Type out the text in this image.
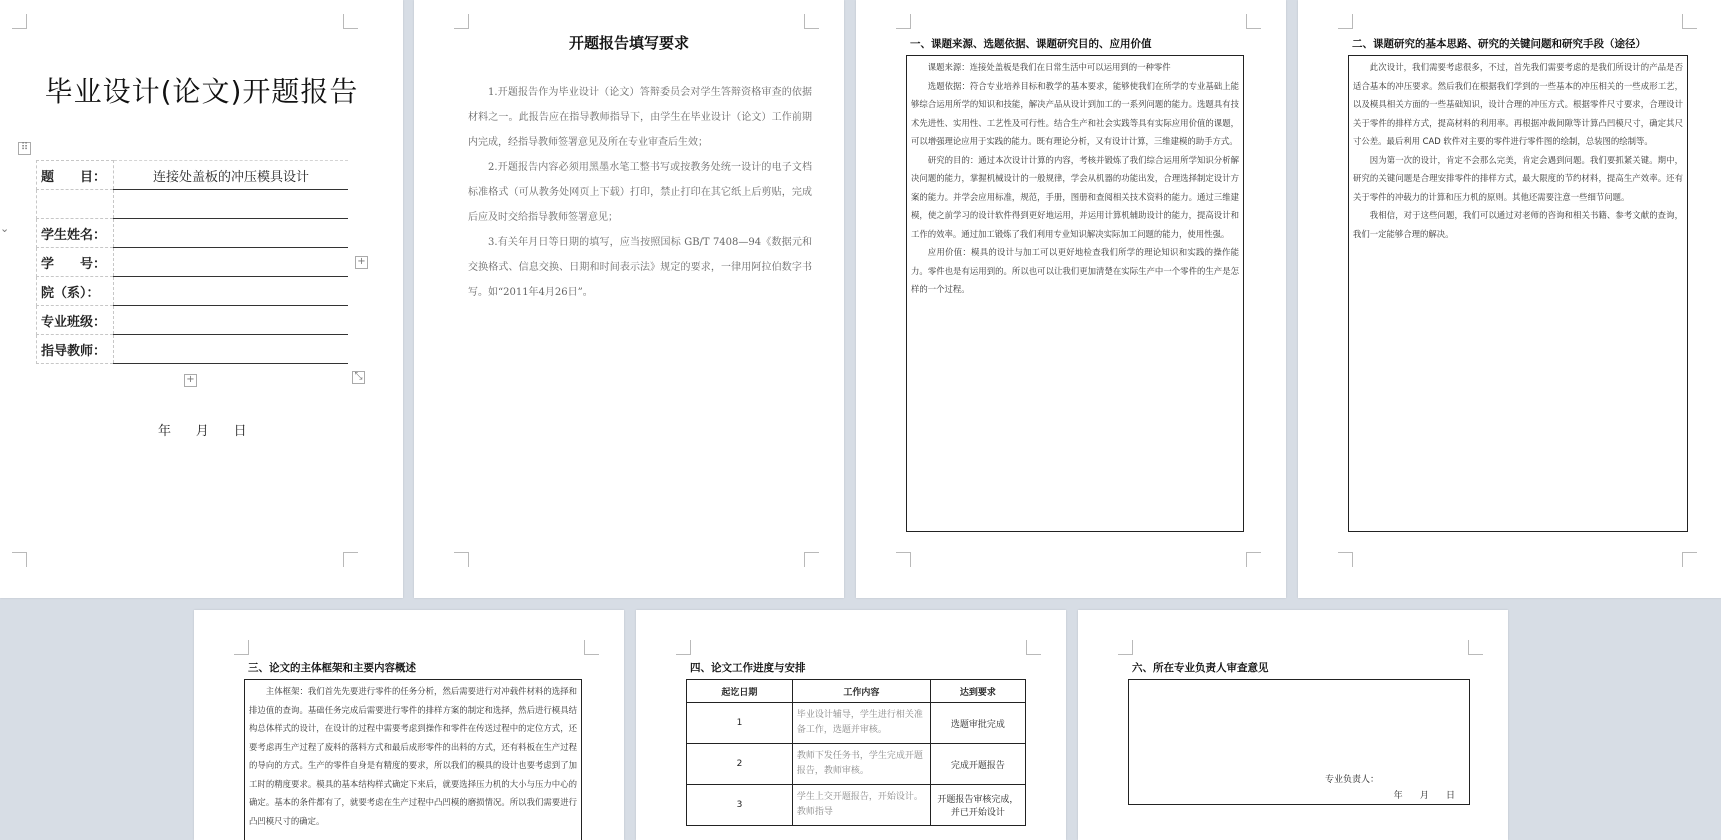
⌄
毕业设计(论文)开题报告
⠿
题　　目：	连接处盖板的冲压模具设计

学生姓名：	
学　　号：	
院（系）：	
专业班级：	
指导教师：	
+
+	⤡
年      月      日
开题报告填写要求

1.开题报告作为毕业设计（论文）答辩委员会对学生答辩资格审查的依据材料之一。此报告应在指导教师指导下，由学生在毕业设计（论文）工作前期内完成，经指导教师签署意见及所在专业审查后生效；

2.开题报告内容必须用黑墨水笔工整书写或按教务处统一设计的电子文档标准格式（可从教务处网页上下载）打印，禁止打印在其它纸上后剪贴，完成后应及时交给指导教师签署意见；

3.有关年月日等日期的填写，应当按照国标 GB/T 7408—94《数据元和交换格式、信息交换、日期和时间表示法》规定的要求，一律用阿拉伯数字书写。如“2011年4月26日”。

一、课题来源、选题依据、课题研究目的、应用价值

课题来源：连接处盖板是我们在日常生活中可以运用到的一种零件

选题依据：符合专业培养目标和教学的基本要求，能够使我们在所学的专业基础上能够综合运用所学的知识和技能，解决产品从设计到加工的一系列问题的能力。选题具有技术先进性、实用性、工艺性及可行性。结合生产和社会实践等具有实际应用价值的课题，可以增强理论应用于实践的能力。既有理论分析，又有设计计算，三维建模的助手方式。

研究的目的：通过本次设计计算的内容，考核并锻炼了我们综合运用所学知识分析解决问题的能力，掌握机械设计的一般规律，学会从机器的功能出发，合理选择制定设计方案的能力。并学会应用标准，规范，手册，图册和查阅相关技术资料的能力。通过三维建模，使之前学习的设计软件得到更好地运用，并运用计算机辅助设计的能力，提高设计和工作的效率。通过加工锻炼了我们利用专业知识解决实际加工问题的能力，使用性强。

应用价值：模具的设计与加工可以更好地检查我们所学的理论知识和实践的操作能力。零件也是有运用到的。所以也可以让我们更加清楚在实际生产中一个零件的生产是怎样的一个过程。

二、课题研究的基本思路、研究的关键问题和研究手段（途径）

此次设计，我们需要考虑很多，不过，首先我们需要考虑的是我们所设计的产品是否适合基本的冲压要求。然后我们在根据我们学到的一些基本的冲压相关的一些成形工艺，以及模具相关方面的一些基础知识，设计合理的冲压方式。根据零件尺寸要求，合理设计关于零件的排样方式，提高材料的利用率。再根据冲裁间隙等计算凸凹模尺寸，确定其尺寸公差。最后利用 CAD 软件对主要的零件进行零件图的绘制，总装图的绘制等。

因为第一次的设计，肯定不会那么完美，肯定会遇到问题。我们要抓紧关键。期中，研究的关键问题是合理安排零件的排样方式，最大限度的节约材料，提高生产效率。还有关于零件的冲载力的计算和压力机的原则。其他还需要注意一些细节问题。

我相信，对于这些问题，我们可以通过对老师的咨询和相关书籍、参考文献的查询，我们一定能够合理的解决。

三、论文的主体框架和主要内容概述

主体框架：我们首先先要进行零件的任务分析，然后需要进行对冲载件材料的选择和排边值的查询。基础任务完成后需要进行零件的排样方案的制定和选择，然后进行模具结构总体样式的设计，在设计的过程中需要考虑到操作和零件在传送过程中的定位方式，还要考虑再生产过程了废料的落料方式和最后成形零件的出料的方式，还有料板在生产过程的导向的方式。生产的零件自身是有精度的要求，所以我们的模具的设计也要考虑到了加工时的精度要求。模具的基本结构样式确定下来后，就要选择压力机的大小与压力中心的确定。基本的条件都有了，就要考虑在生产过程中凸凹模的磨损情况。所以我们需要进行凸凹模尺寸的确定。

四、论文工作进度与安排
起讫日期	工作内容	达到要求
1	毕业设计辅导，学生进行相关准备工作，选题并审核。	选题审批完成
2	教师下发任务书，学生完成开题报告，教师审核。	完成开题报告
3	学生上交开题报告，开始设计。教师指导	开题报告审核完成，并已开始设计
六、所在专业负责人审查意见
专业负责人：
年      月      日
